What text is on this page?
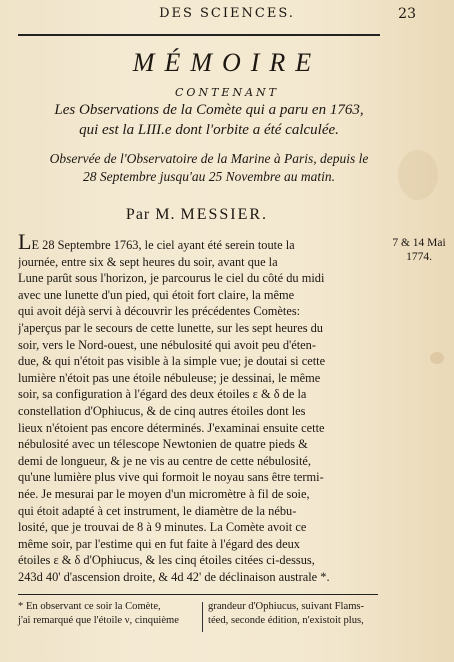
DES SCIENCES.	23
MÉMOIRE
CONTENANT
Les Observations de la Comète qui a paru en 1763,
qui est la LIII.e dont l'orbite a été calculée.
Observée de l'Observatoire de la Marine à Paris, depuis le
28 Septembre jusqu'au 25 Novembre au matin.
Par M. MESSIER.
7 & 14 Mai
1774.
LE 28 Septembre 1763, le ciel ayant été serein toute la
journée, entre six & sept heures du soir, avant que la
Lune parût sous l'horizon, je parcourus le ciel du côté du midi
avec une lunette d'un pied, qui étoit fort claire, la même
qui avoit déjà servi à découvrir les précédentes Comètes:
j'aperçus par le secours de cette lunette, sur les sept heures du
soir, vers le Nord-ouest, une nébulosité qui avoit peu d'éten-
due, & qui n'étoit pas visible à la simple vue; je doutai si cette
lumière n'étoit pas une étoile nébuleuse; je dessinai, le même
soir, sa configuration à l'égard des deux étoiles ε & δ de la
constellation d'Ophiucus, & de cinq autres étoiles dont les
lieux n'étoient pas encore déterminés. J'examinai ensuite cette
nébulosité avec un télescope Newtonien de quatre pieds &
demi de longueur, & je ne vis au centre de cette nébulosité,
qu'une lumière plus vive qui formoit le noyau sans être termi-
née. Je mesurai par le moyen d'un micromètre à fil de soie,
qui étoit adapté à cet instrument, le diamètre de la nébu-
losité, que je trouvai de 8 à 9 minutes. La Comète avoit ce
même soir, par l'estime qui en fut faite à l'égard des deux
étoiles ε & δ d'Ophiucus, & les cinq étoiles citées ci-dessus,
243d 40' d'ascension droite, & 4d 42' de déclinaison australe *.
* En observant ce soir la Comète,
j'ai remarqué que l'étoile ν, cinquième
grandeur d'Ophiucus, suivant Flams-
téed, seconde édition, n'existoit plus,
